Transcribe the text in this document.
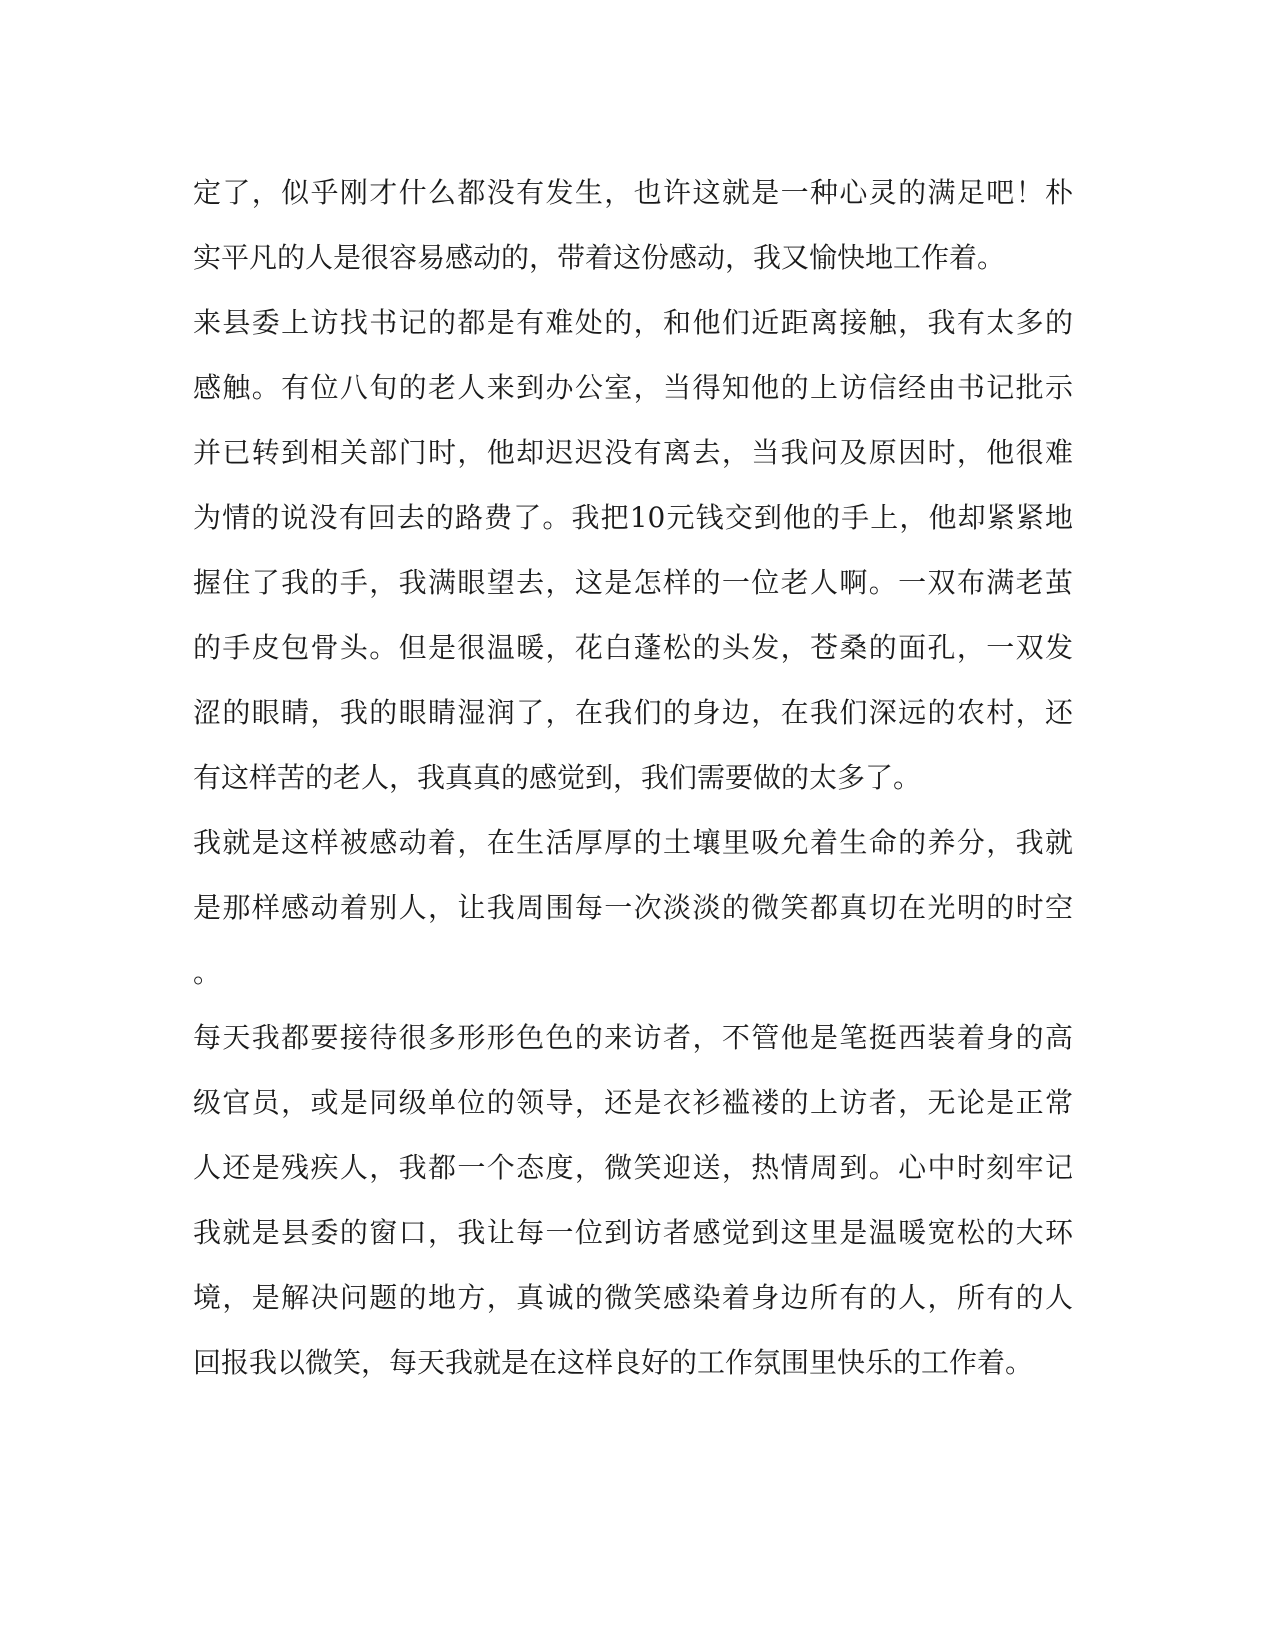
定了，似乎刚才什么都没有发生，也许这就是一种心灵的满足吧！朴
实平凡的人是很容易感动的，带着这份感动，我又愉快地工作着。
来县委上访找书记的都是有难处的，和他们近距离接触，我有太多的
感触。有位八旬的老人来到办公室，当得知他的上访信经由书记批示
并已转到相关部门时，他却迟迟没有离去，当我问及原因时，他很难
为情的说没有回去的路费了。我把10元钱交到他的手上，他却紧紧地
握住了我的手，我满眼望去，这是怎样的一位老人啊。一双布满老茧
的手皮包骨头。但是很温暖，花白蓬松的头发，苍桑的面孔，一双发
涩的眼睛，我的眼睛湿润了，在我们的身边，在我们深远的农村，还
有这样苦的老人，我真真的感觉到，我们需要做的太多了。
我就是这样被感动着，在生活厚厚的土壤里吸允着生命的养分，我就
是那样感动着别人，让我周围每一次淡淡的微笑都真切在光明的时空
。
每天我都要接待很多形形色色的来访者，不管他是笔挺西装着身的高
级官员，或是同级单位的领导，还是衣衫褴褛的上访者，无论是正常
人还是残疾人，我都一个态度，微笑迎送，热情周到。心中时刻牢记
我就是县委的窗口，我让每一位到访者感觉到这里是温暖宽松的大环
境，是解决问题的地方，真诚的微笑感染着身边所有的人，所有的人
回报我以微笑，每天我就是在这样良好的工作氛围里快乐的工作着。
